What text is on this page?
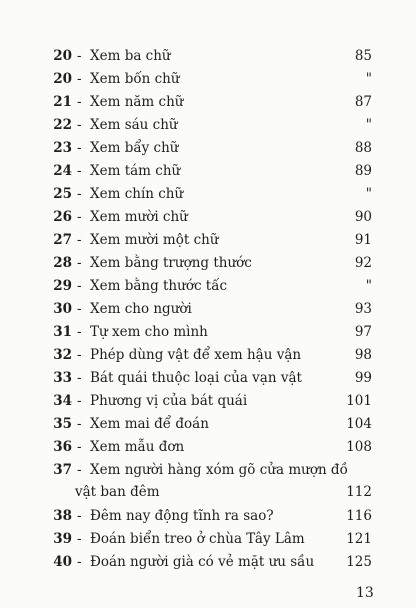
20 - Xem ba chữ	85
20 - Xem bốn chữ	"
21 - Xem năm chữ	87
22 - Xem sáu chữ	"
23 - Xem bẩy chữ	88
24 - Xem tám chữ	89
25 - Xem chín chữ	"
26 - Xem mười chữ	90
27 - Xem mười một chữ	91
28 - Xem bằng trượng thước	92
29 - Xem bằng thước tấc	"
30 - Xem cho người	93
31 - Tự xem cho mình	97
32 - Phép dùng vật để xem hậu vận	98
33 - Bát quái thuộc loại của vạn vật	99
34 - Phương vị của bát quái	101
35 - Xem mai để đoán	104
36 - Xem mẫu đơn	108
37 - Xem người hàng xóm gõ cửa mượn đồ
vật ban đêm	112
38 - Đêm nay động tĩnh ra sao?	116
39 - Đoán biển treo ở chùa Tây Lâm	121
40 - Đoán người già có vẻ mặt ưu sầu	125
13
